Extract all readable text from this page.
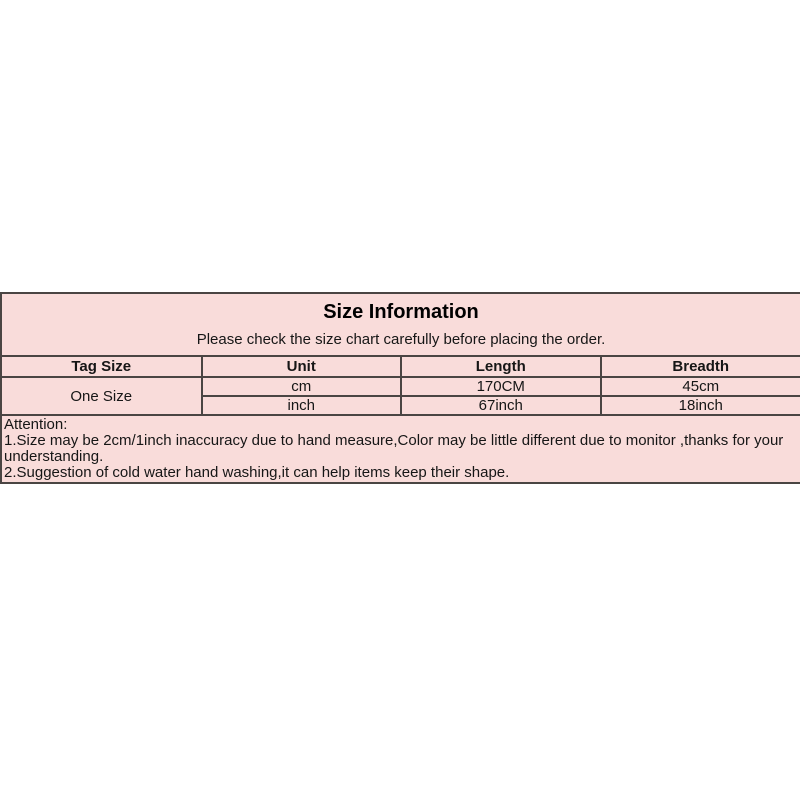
Size Information

Please check the size chart carefully before placing the order.

Tag Size	Unit	Length	Breadth
One Size	cm	170CM	45cm
	inch	67inch	18inch
Attention:
1.Size may be 2cm/1inch inaccuracy due to hand measure,Color may be little different due to monitor ,thanks for your understanding.
2.Suggestion of cold water hand washing,it can help items keep their shape.
